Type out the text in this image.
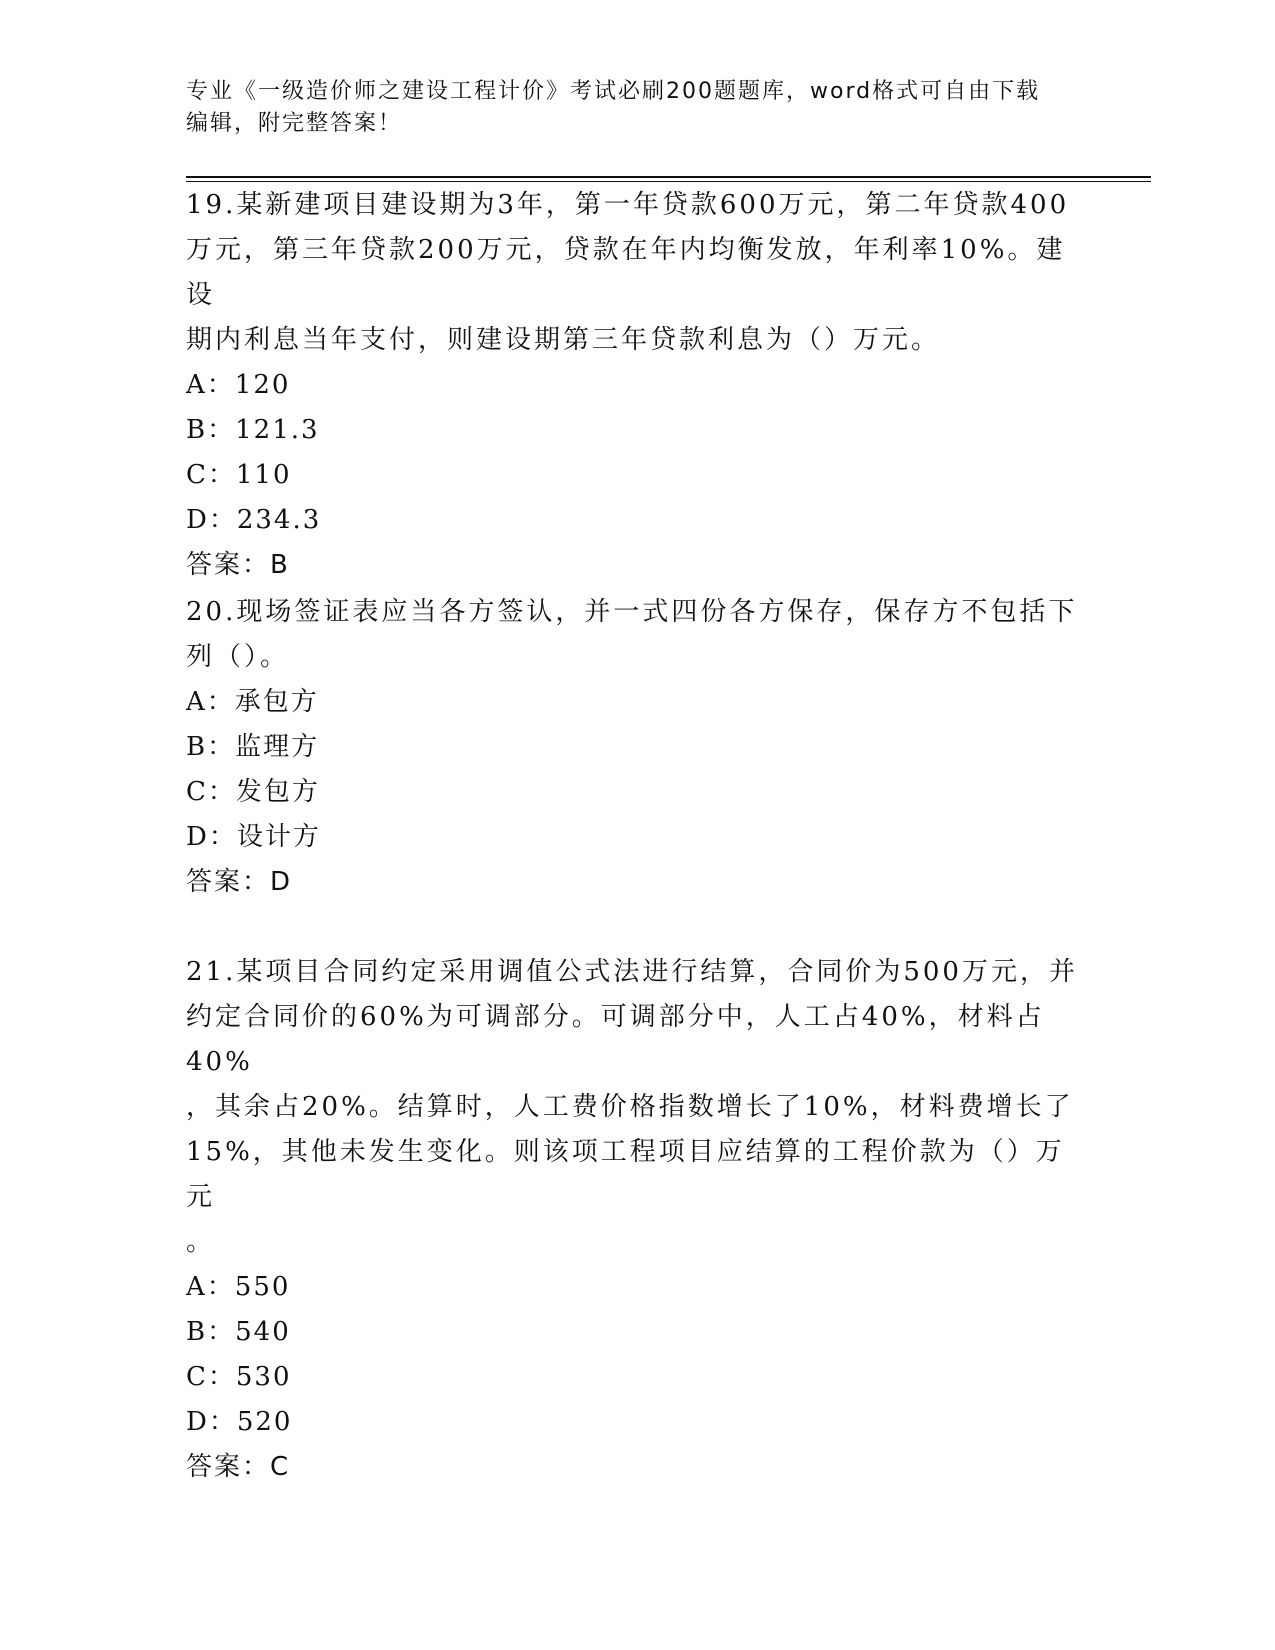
专业《一级造价师之建设工程计价》考试必刷200题题库，word格式可自由下载
编辑，附完整答案！

19.某新建项目建设期为3年，第一年贷款600万元，第二年贷款400

万元，第三年贷款200万元，贷款在年内均衡发放，年利率10%。建设

期内利息当年支付，则建设期第三年贷款利息为（）万元。

A：120

B：121.3

C：110

D：234.3

答案：B

20.现场签证表应当各方签认，并一式四份各方保存，保存方不包括下

列（）。

A：承包方

B：监理方

C：发包方

D：设计方

答案：D

21.某项目合同约定采用调值公式法进行结算，合同价为500万元，并

约定合同价的60%为可调部分。可调部分中，人工占40%，材料占40%

，其余占20%。结算时，人工费价格指数增长了10%，材料费增长了

15%，其他未发生变化。则该项工程项目应结算的工程价款为（）万元

。

A：550

B：540

C：530

D：520

答案：C
